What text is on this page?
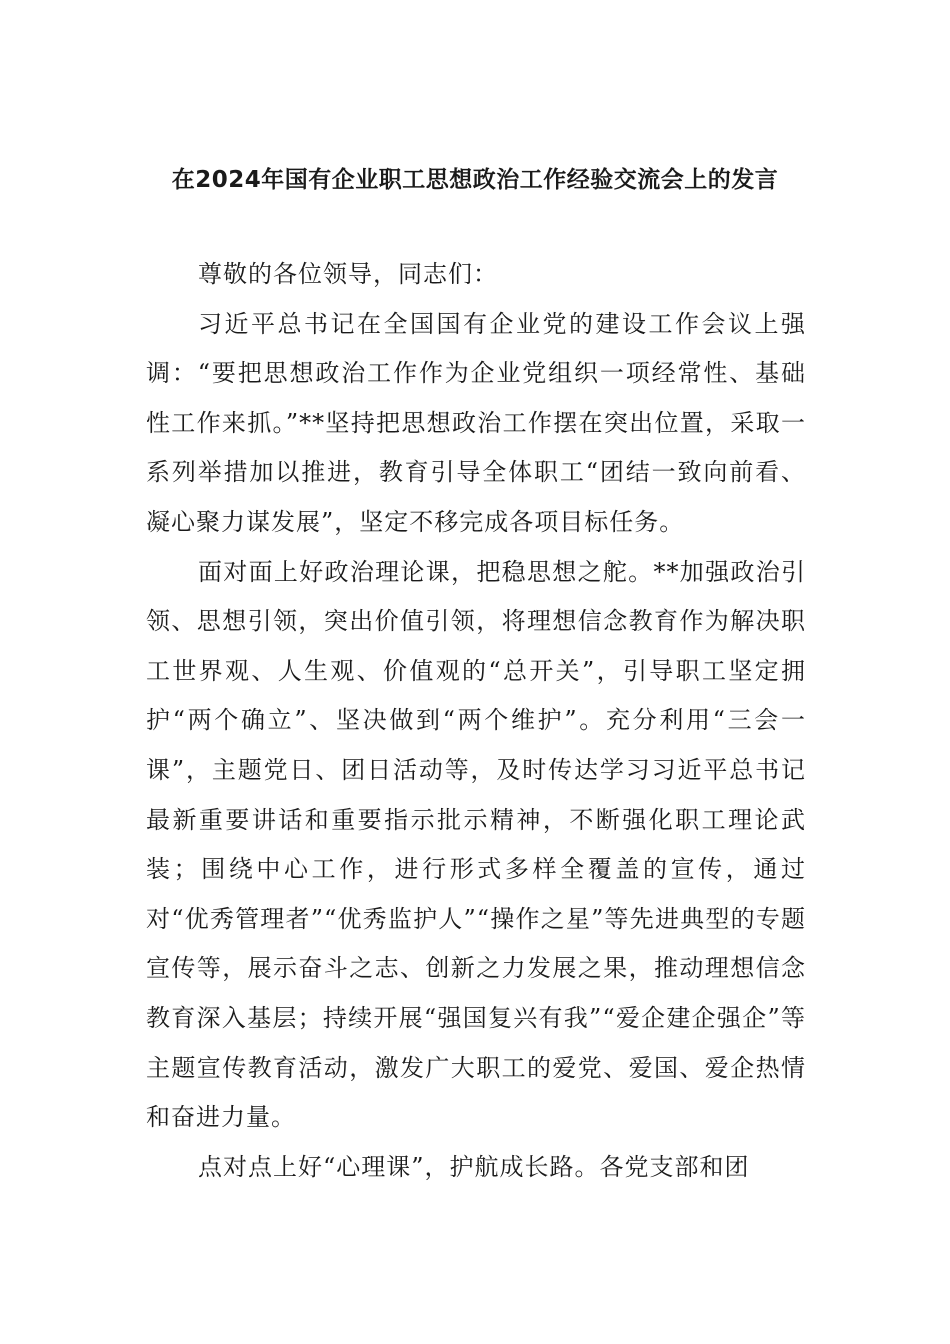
在2024年国有企业职工思想政治工作经验交流会上的发言

尊敬的各位领导，同志们：

习近平总书记在全国国有企业党的建设工作会议上强调：“要把思想政治工作作为企业党组织一项经常性、基础性工作来抓。”**坚持把思想政治工作摆在突出位置，采取一系列举措加以推进，教育引导全体职工“团结一致向前看、凝心聚力谋发展”，坚定不移完成各项目标任务。

面对面上好政治理论课，把稳思想之舵。**加强政治引领、思想引领，突出价值引领，将理想信念教育作为解决职工世界观、人生观、价值观的“总开关”，引导职工坚定拥护“两个确立”、坚决做到“两个维护”。充分利用“三会一课”，主题党日、团日活动等，及时传达学习习近平总书记最新重要讲话和重要指示批示精神，不断强化职工理论武装；围绕中心工作，进行形式多样全覆盖的宣传，通过对“优秀管理者”“优秀监护人”“操作之星”等先进典型的专题宣传等，展示奋斗之志、创新之力发展之果，推动理想信念教育深入基层；持续开展“强国复兴有我”“爱企建企强企”等主题宣传教育活动，激发广大职工的爱党、爱国、爱企热情和奋进力量。

点对点上好“心理课”，护航成长路。各党支部和团
